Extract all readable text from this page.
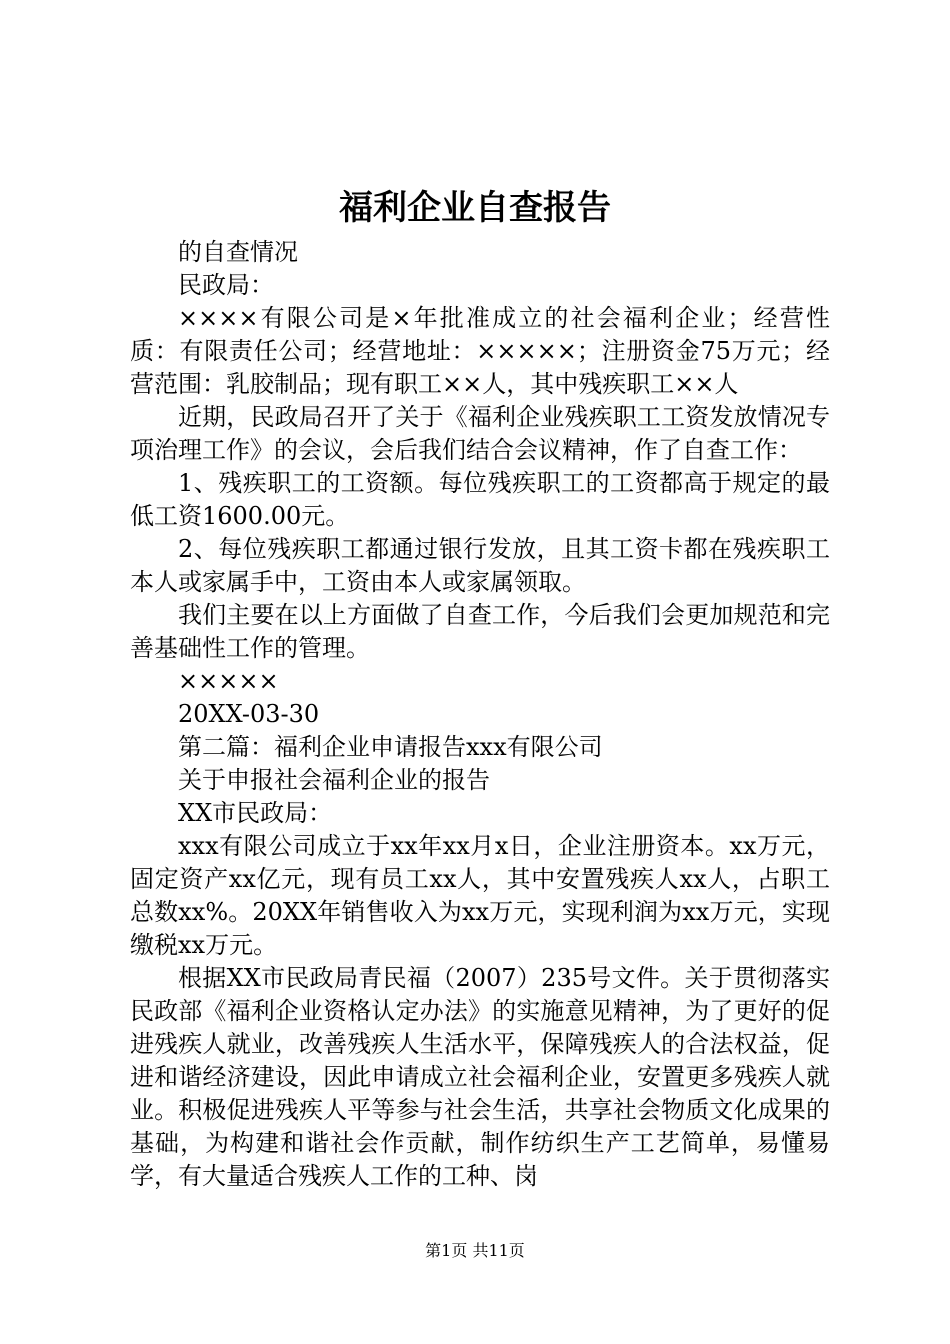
福利企业自查报告

的自查情况

民政局：

××××有限公司是×年批准成立的社会福利企业；经营性质：有限责任公司；经营地址：×××××；注册资金75万元；经营范围：乳胶制品；现有职工××人，其中残疾职工××人

近期，民政局召开了关于《福利企业残疾职工工资发放情况专项治理工作》的会议，会后我们结合会议精神，作了自查工作：

1、残疾职工的工资额。每位残疾职工的工资都高于规定的最低工资1600.00元。

2、每位残疾职工都通过银行发放，且其工资卡都在残疾职工本人或家属手中，工资由本人或家属领取。

我们主要在以上方面做了自查工作，今后我们会更加规范和完善基础性工作的管理。

×××××

20XX-03-30

第二篇：福利企业申请报告xxx有限公司

关于申报社会福利企业的报告

XX市民政局：

xxx有限公司成立于xx年xx月x日，企业注册资本。xx万元，固定资产xx亿元，现有员工xx人，其中安置残疾人xx人，占职工总数xx%。20XX年销售收入为xx万元，实现利润为xx万元，实现缴税xx万元。

根据XX市民政局青民福（2007）235号文件。关于贯彻落实民政部《福利企业资格认定办法》的实施意见精神，为了更好的促进残疾人就业，改善残疾人生活水平，保障残疾人的合法权益，促进和谐经济建设，因此申请成立社会福利企业，安置更多残疾人就业。积极促进残疾人平等参与社会生活，共享社会物质文化成果的基础，为构建和谐社会作贡献，制作纺织生产工艺简单，易懂易学，有大量适合残疾人工作的工种、岗

第1页 共11页
